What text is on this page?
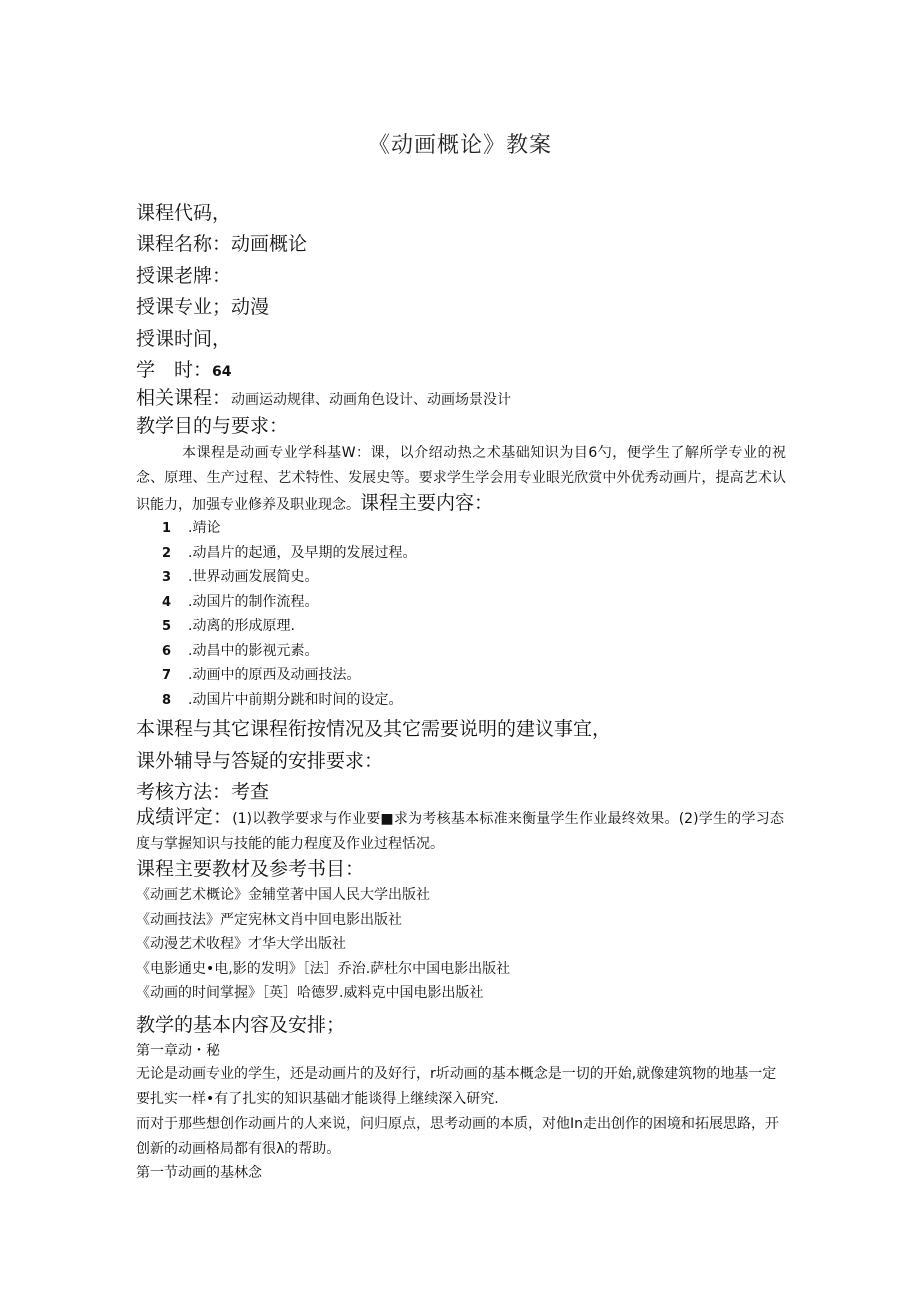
《动画概论》教案
课程代码，
课程名称：动画概论
授课老牌：
授课专业；动漫
授课时间，
学　时：64
相关课程：动画运动规律、动画角色设计、动画场景没计
教学目的与要求：
本课程是动画专业学科基W：课，以介绍动热之术基础知识为目6勺，便学生了解所学专业的祝念、原理、生产过程、艺术特性、发展史等。要求学生学会用专业眼光欣赏中外优秀动画片，提高艺术认识能力，加强专业修养及职业现念。课程主要内容：
1 .靖论
2 .动昌片的起通，及早期的发展过程。
3 .世界动画发展简史。
4 .动国片的制作流程。
5 .动离的形成原理.
6 .动昌中的影视元素。
7 .动画中的原西及动画技法。
8 .动国片中前期分跳和时间的设定。
本课程与其它课程衔按情况及其它需要说明的建议事宜，
课外辅导与答疑的安排要求：
考核方法：考查
成绩评定：(1)以教学要求与作业要■求为考核基本标准来衡量学生作业最终效果。(2)学生的学习态度与掌握知识与技能的能力程度及作业过程恬况。
课程主要教材及参考书目：
《动画艺术概论》金辅堂著中国人民大学出版社
《动画技法》严定宪林文肖中回电影出版社
《动漫艺术收程》才华大学出版社
《电影通史•电,影的发明》［法］乔治.萨杜尔中国电影出版社
《动画的时间掌握》［英］哈德罗.威料克中国电影出版社
教学的基本内容及安排；
第一章动・秘
无论是动画专业的学生，还是动画片的及好行，r圻动画的基本概念是一切的开始,就像建筑物的地基一定要扎实一样•有了扎实的知识基础才能谈得上继续深入研究.
而对于那些想创作动画片的人来说，问归原点，思考动画的本质，对他In走出创作的困境和拓展思路，开创新的动画格局都有很λ的帮助。
第一节动画的基林念
